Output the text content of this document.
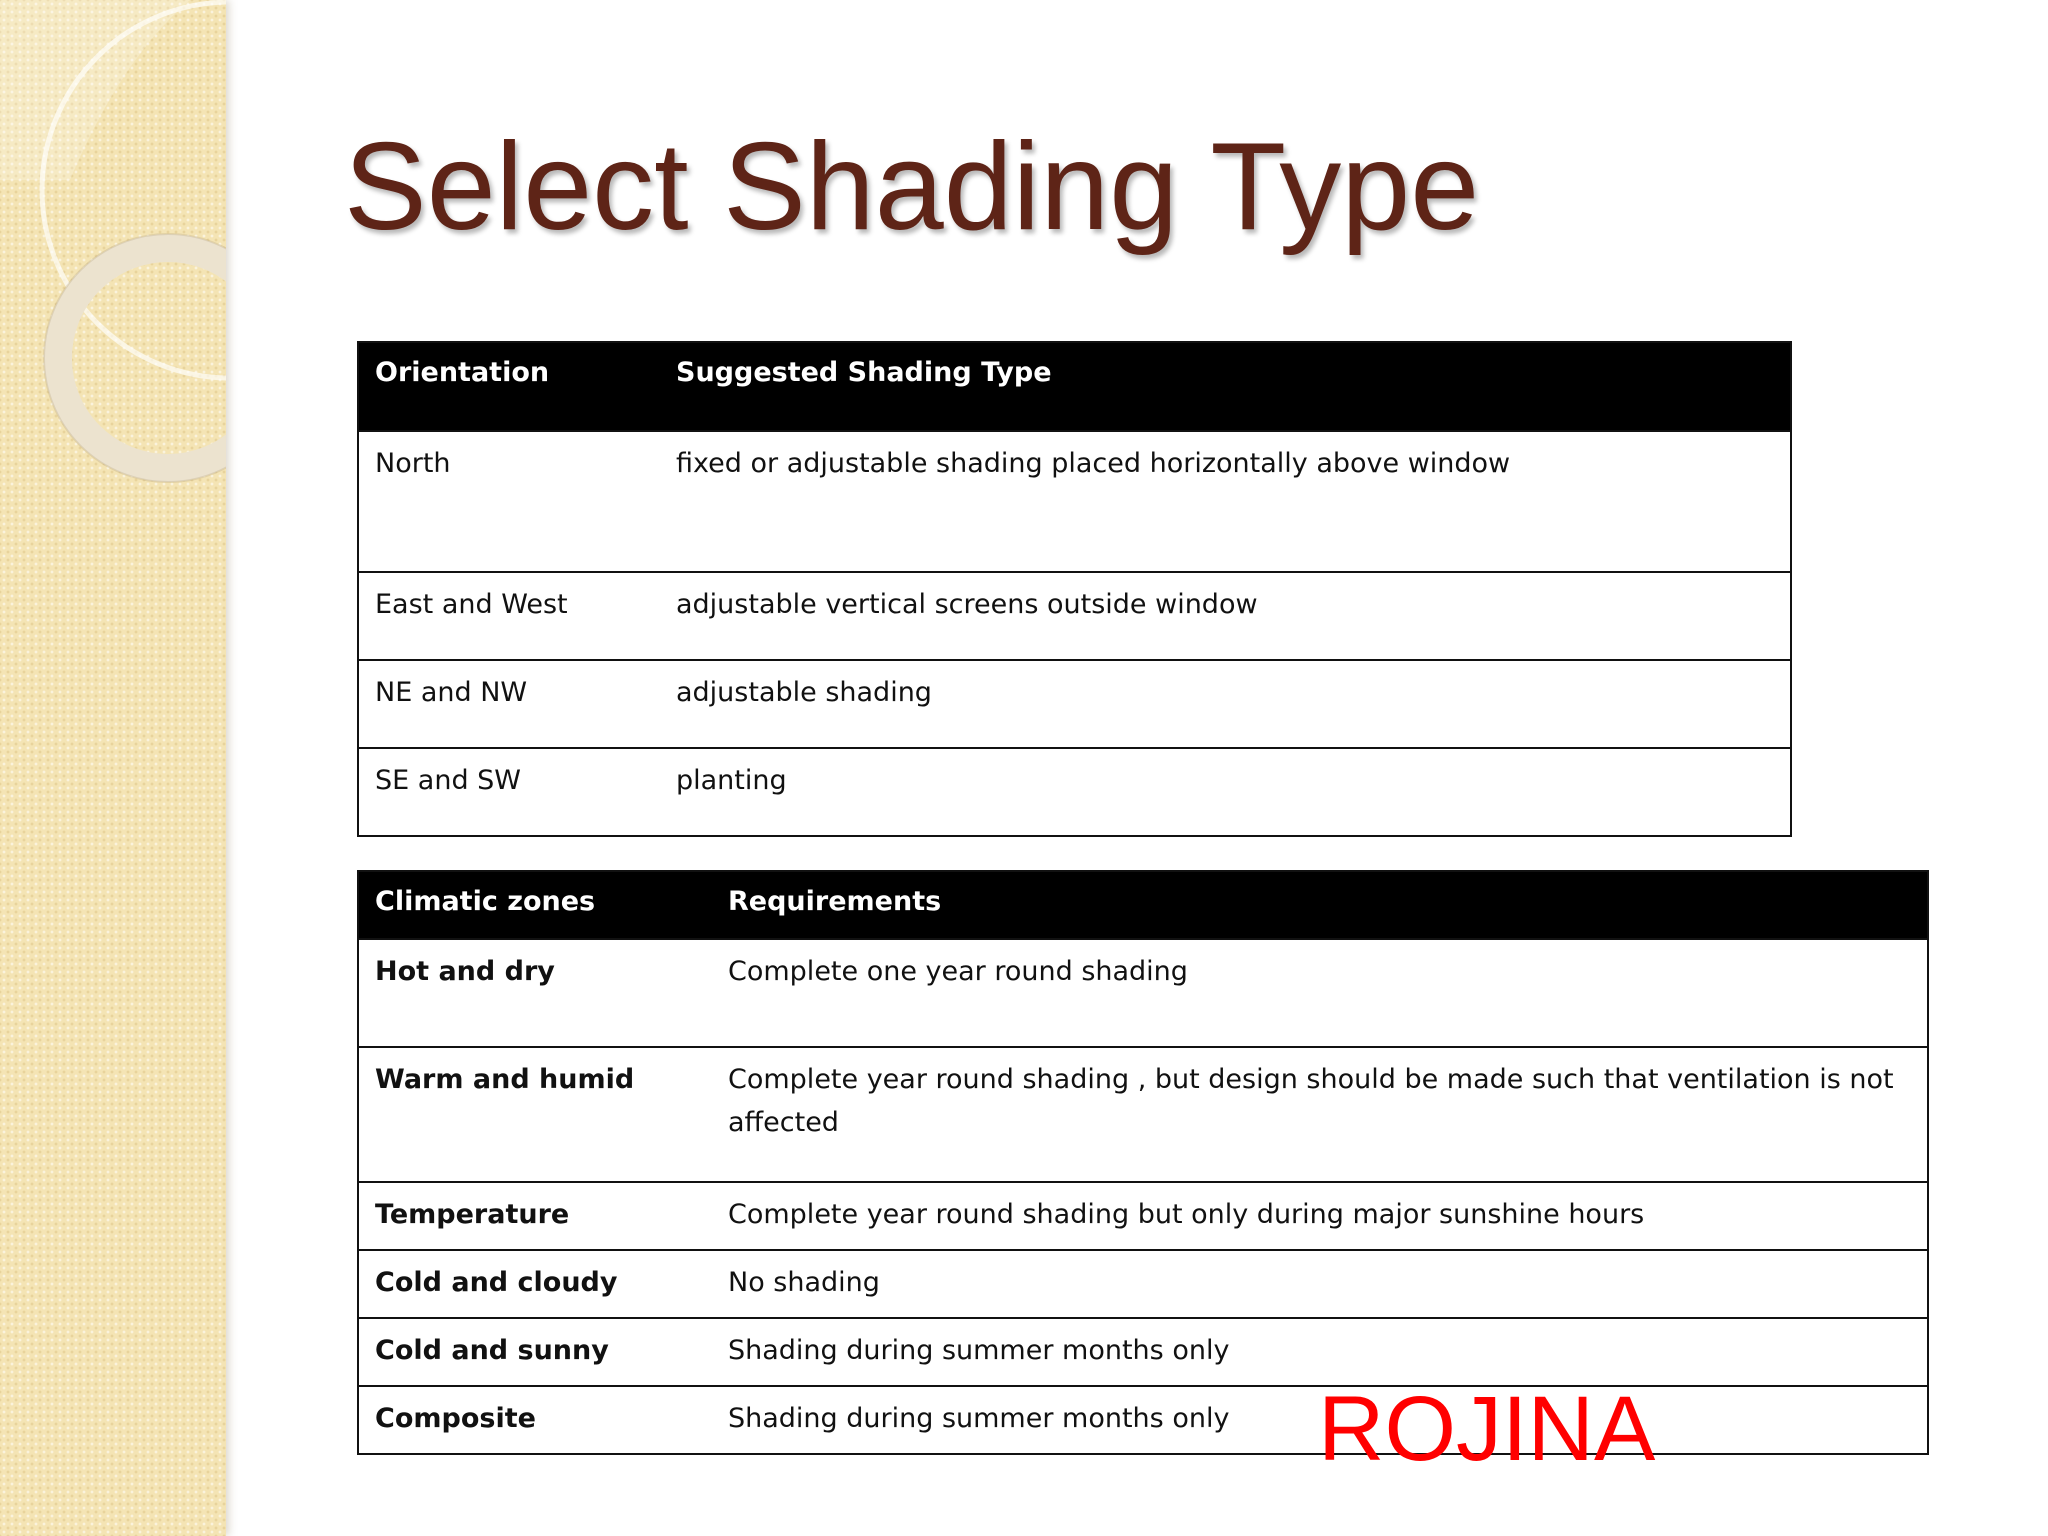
Select Shading Type
Orientation	Suggested Shading Type
North	fixed or adjustable shading placed horizontally above window
East and West	adjustable vertical screens outside window
NE and NW	adjustable shading
SE and SW	planting
Climatic zones	Requirements
Hot and dry	Complete one year round shading
Warm and humid	Complete year round shading , but design should be made such that ventilation is not affected
Temperature	Complete year round shading but only during major sunshine hours
Cold and cloudy	No shading
Cold and sunny	Shading during summer months only
Composite	Shading during summer months only ROJINA
